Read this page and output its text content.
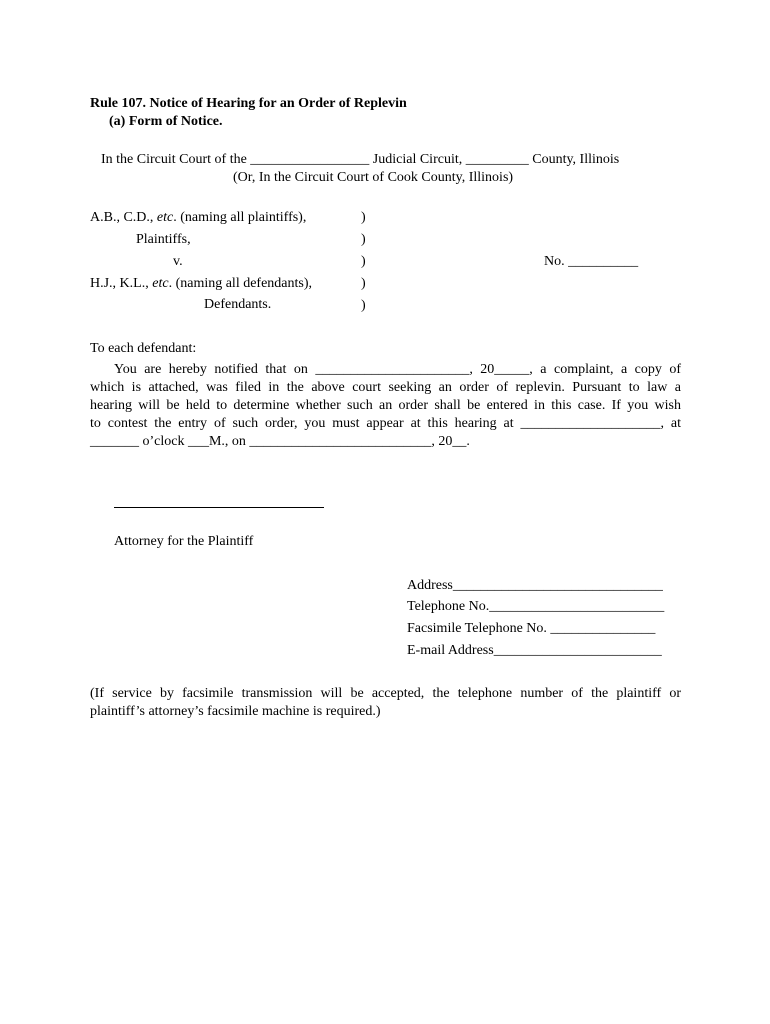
Rule 107. Notice of Hearing for an Order of Replevin
(a) Form of Notice.
In the Circuit Court of the _________________ Judicial Circuit, _________ County, Illinois
(Or, In the Circuit Court of Cook County, Illinois)
A.B., C.D., etc. (naming all plaintiffs),
Plaintiffs,
v.
H.J., K.L., etc. (naming all defendants),
Defendants.
)
)
)
)
)
No. __________
To each defendant:
You are hereby notified that on ______________________, 20_____, a complaint, a copy of
which is attached, was filed in the above court seeking an order of replevin. Pursuant to law a
hearing will be held to determine whether such an order shall be entered in this case. If you wish
to contest the entry of such order, you must appear at this hearing at ____________________, at
_______ o’clock ___M., on __________________________, 20__.
Attorney for the Plaintiff
Address______________________________
Telephone No._________________________
Facsimile Telephone No. _______________
E-mail Address________________________
(If service by facsimile transmission will be accepted, the telephone number of the plaintiff or
plaintiff’s attorney’s facsimile machine is required.)
